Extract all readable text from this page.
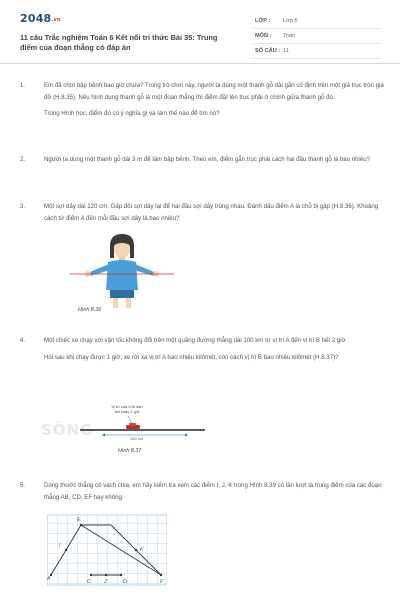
2048.vn
11 câu Trắc nghiệm Toán 6 Kết nối tri thức Bài 35: Trung điểm của đoạn thẳng có đáp án
LỚP : Lớp 6
MÔN : Toán
SỐ CÂU : 11
1.	Em đã chơi bập bênh bao giờ chưa? Trong trò chơi này, người ta dùng một thanh gỗ dài gắn cố định trên một giá trục tròn giá đỡ (H.8.35). Nếu hình dung thanh gỗ là một đoạn thẳng thì điểm đặt lên trục phải ở chính giữa thanh gỗ đó.

Trong Hình học, điểm đó có ý nghĩa gì và làm thế nào để tìm nó?

2.	Người ta dùng một thanh gỗ dài 3 m để làm bập bênh. Theo em, điểm gắn trục phải cách hai đầu thanh gỗ là bao nhiêu?

3.	Một sợi dây dài 120 cm. Gấp đôi sợi dây lại để hai đầu sợi dây trùng nhau. Đánh dấu điểm A là chỗ bị gập (H.8.36). Khoảng cách từ điểm A đến mỗi đầu sợi dây là bao nhiêu?

Hình 8.36
4.	Một chiếc xe chạy với vận tốc không đổi trên một quãng đường thẳng dài 100 km từ vị trí A đến vị trí B hết 2 giờ.

Hỏi sau khi chạy được 1 giờ, xe rời xa vị trí A bao nhiêu kilômét, còn cách vị trí B bao nhiêu kilômét (H.8.37)?

SÔNG
Vị trí của ô tô sau
khi chạy 1 giờ
100 km
Hình 8.37
5.	Dùng thước thẳng có vạch chia, em hãy kiểm tra xem các điểm I, J, K trong Hình 8.39 có lần lượt là trung điểm của các đoạn thẳng AB, CD, EF hay không.

A
E
I
C J	D
K
F
